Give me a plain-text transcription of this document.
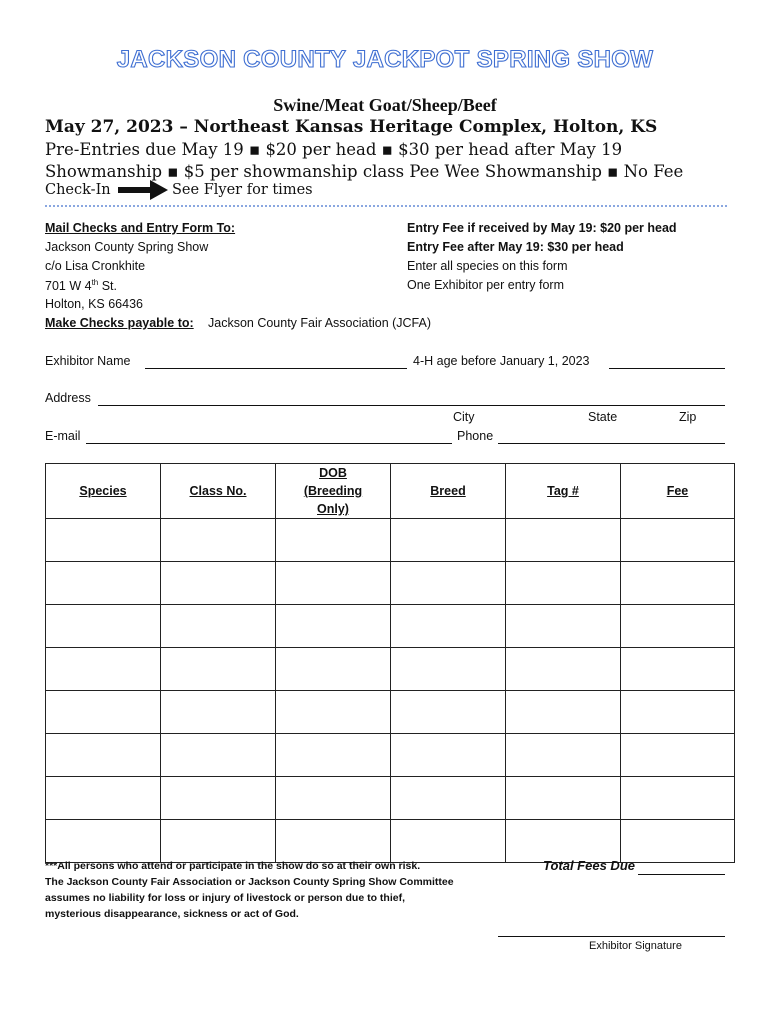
JACKSON COUNTY JACKPOT SPRING SHOW
Swine/Meat Goat/Sheep/Beef
May 27, 2023 – Northeast Kansas Heritage Complex, Holton, KS
Pre-Entries due May 19 ▪ $20 per head ▪ $30 per head after May 19
Showmanship ▪ $5 per showmanship class Pee Wee Showmanship ▪ No Fee
Check-In	See Flyer for times
Mail Checks and Entry Form To:
Jackson County Spring Show
c/o Lisa Cronkhite
701 W 4th St.
Holton, KS 66436
Entry Fee if received by May 19: $20 per head
Entry Fee after May 19: $30 per head
Enter all species on this form
One Exhibitor per entry form
Make Checks payable to: Jackson County Fair Association (JCFA)
Exhibitor Name	4-H age before January 1, 2023
Address
City	State	Zip
E-mail	Phone
Species	Class No.	DOB (Breeding Only)	Breed	Tag #	Fee

***All persons who attend or participate in the show do so at their own risk.
The Jackson County Fair Association or Jackson County Spring Show Committee
assumes no liability for loss or injury of livestock or person due to thief,
mysterious disappearance, sickness or act of God.
Total Fees Due
Exhibitor Signature
